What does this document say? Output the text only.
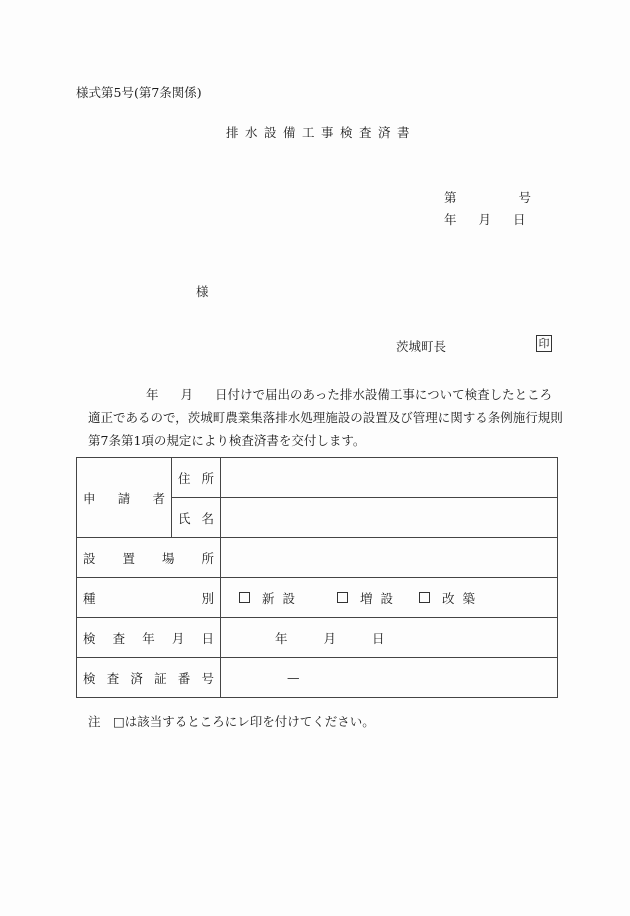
様式第5号(第7条関係)
排水設備工事検査済書
第	号
年 月 日
様
茨城町長	印
年 月 日付けで届出のあった排水設備工事について検査したところ適正であるので，茨城町農業集落排水処理施設の設置及び管理に関する条例施行規則第7条第1項の規定により検査済書を交付します。
申 請 者	住 所	

	氏 名	

設 置 場 所		

種 別		新設
増設
改築

検 査 年 月 日		年 月 日

検 査 済 証 番 号	—
注　□は該当するところにレ印を付けてください。
